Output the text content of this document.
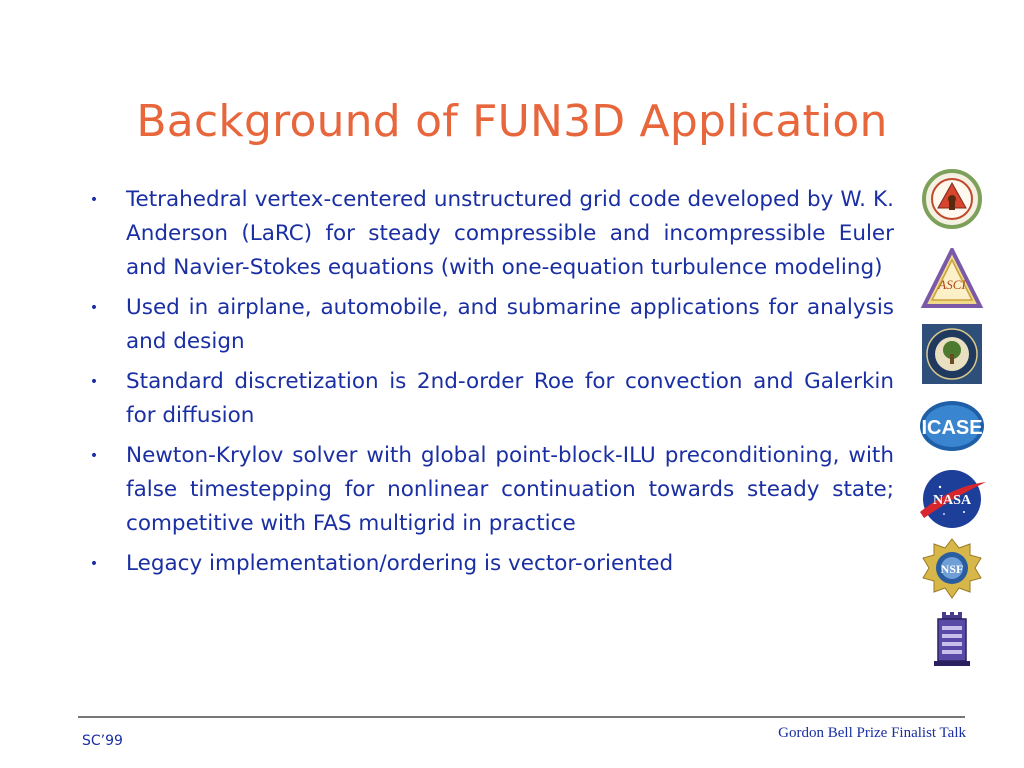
Background of FUN3D Application
• Tetrahedral vertex-centered unstructured grid code developed by W. K. Anderson (LaRC) for steady compressible and incompressible Euler and Navier-Stokes equations (with one-equation turbulence modeling)
• Used in airplane, automobile, and submarine applications for analysis and design
• Standard discretization is 2nd-order Roe for convection and Galerkin for diffusion
• Newton-Krylov solver with global point-block-ILU preconditioning, with false timestepping for nonlinear continuation towards steady state; competitive with FAS multigrid in practice
• Legacy implementation/ordering is vector-oriented
ASCI
ICASE
NASA
NSF
SC’99	Gordon Bell Prize Finalist Talk
